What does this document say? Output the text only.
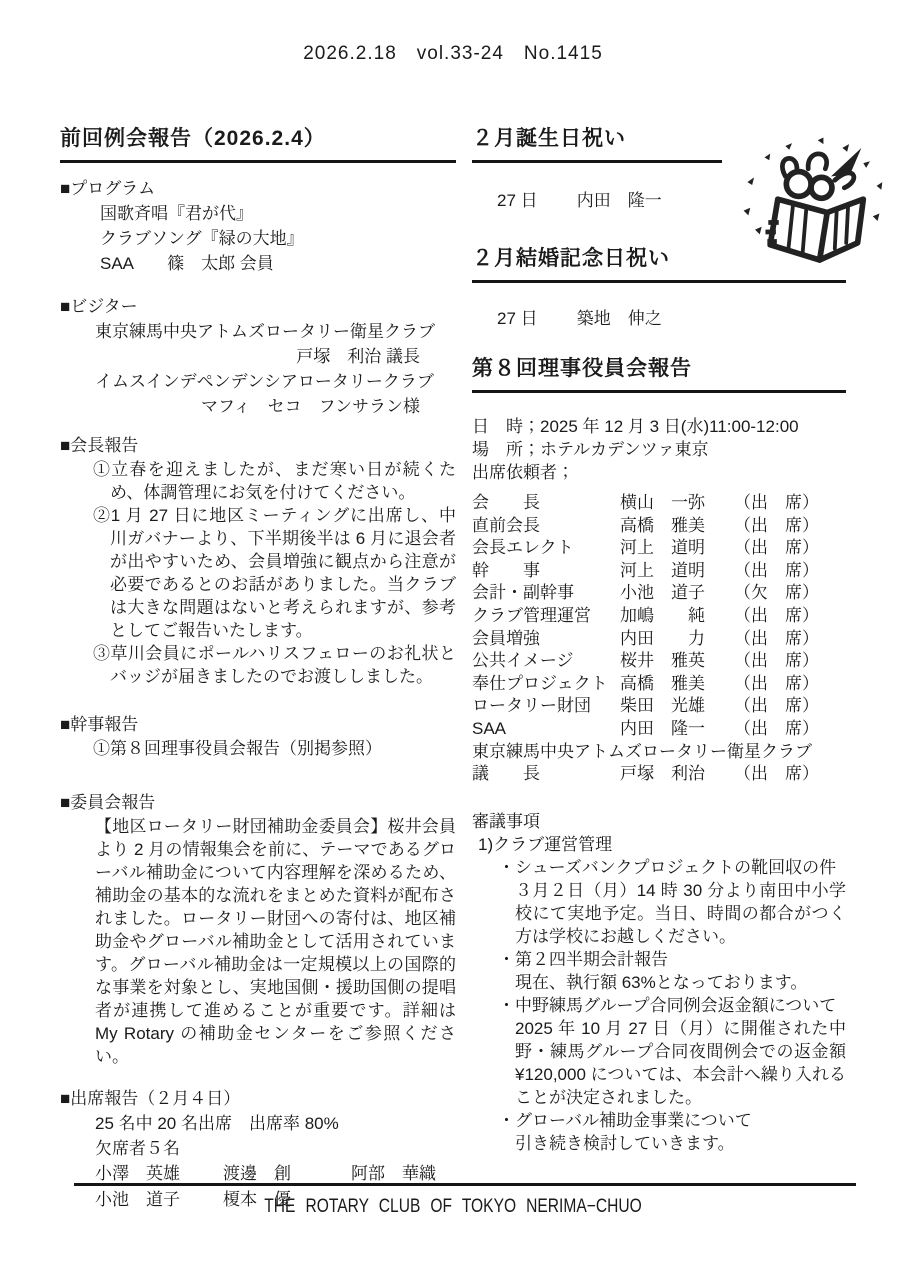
2026.2.18　vol.33-24　No.1415
前回例会報告（2026.2.4）
■プログラム
国歌斉唱『君が代』
クラブソング『緑の大地』
SAA　　篠　太郎 会員
■ビジター
東京練馬中央アトムズロータリー衛星クラブ
戸塚　利治 議長
イムスインデペンデンシアロータリークラブ
マフィ　セコ　フンサラン様
■会長報告
①立春を迎えましたが、まだ寒い日が続くため、体調管理にお気を付けてください。
②1 月 27 日に地区ミーティングに出席し、中川ガバナーより、下半期後半は 6 月に退会者が出やすいため、会員増強に観点から注意が必要であるとのお話がありました。当クラブは大きな問題はないと考えられますが、参考としてご報告いたします。
③草川会員にポールハリスフェローのお礼状とバッジが届きましたのでお渡ししました。
■幹事報告
①第８回理事役員会報告（別掲参照）
■委員会報告
【地区ロータリー財団補助金委員会】桜井会員より 2 月の情報集会を前に、テーマであるグローバル補助金について内容理解を深めるため、補助金の基本的な流れをまとめた資料が配布されました。ロータリー財団への寄付は、地区補助金やグローバル補助金として活用されています。グローバル補助金は一定規模以上の国際的な事業を対象とし、実地国側・援助国側の提唱者が連携して進めることが重要です。詳細は My Rotary の補助金センターをご参照ください。
■出席報告（２月４日）
25 名中 20 名出席　出席率 80%
欠席者５名
小澤　英雄	渡邊　創	阿部　華織
小池　道子	榎本　優
２月誕生日祝い
27 日 内田　隆一
２月結婚記念日祝い
27 日 築地　伸之
第８回理事役員会報告
日　時；2025 年 12 月 3 日(水)11:00-12:00
場　所；ホテルカデンツァ東京
出席依頼者；
会　　長	横山　一弥	（出　席）
直前会長	高橋　雅美	（出　席）
会長エレクト	河上　道明	（出　席）
幹　　事	河上　道明	（出　席）
会計・副幹事	小池　道子	（欠　席）
クラブ管理運営	加嶋　　純	（出　席）
会員増強	内田　　力	（出　席）
公共イメージ	桜井　雅英	（出　席）
奉仕プロジェクト 高橋　雅美	（出　席）
ロータリー財団	柴田　光雄	（出　席）
SAA	内田　隆一	（出　席）
東京練馬中央アトムズロータリー衛星クラブ
議　　長	戸塚　利治	（出　席）
審議事項
1)クラブ運営管理
・シューズバンクプロジェクトの靴回収の件
３月２日（月）14 時 30 分より南田中小学校にて実地予定。当日、時間の都合がつく方は学校にお越しください。
・第２四半期会計報告
現在、執行額 63%となっております。
・中野練馬グループ合同例会返金額について
2025 年 10 月 27 日（月）に開催された中野・練馬グループ合同夜間例会での返金額 ¥120,000 については、本会計へ繰り入れることが決定されました。
・グローバル補助金事業について
引き続き検討していきます。
THE ROTARY CLUB OF TOKYO NERIMA−CHUO
